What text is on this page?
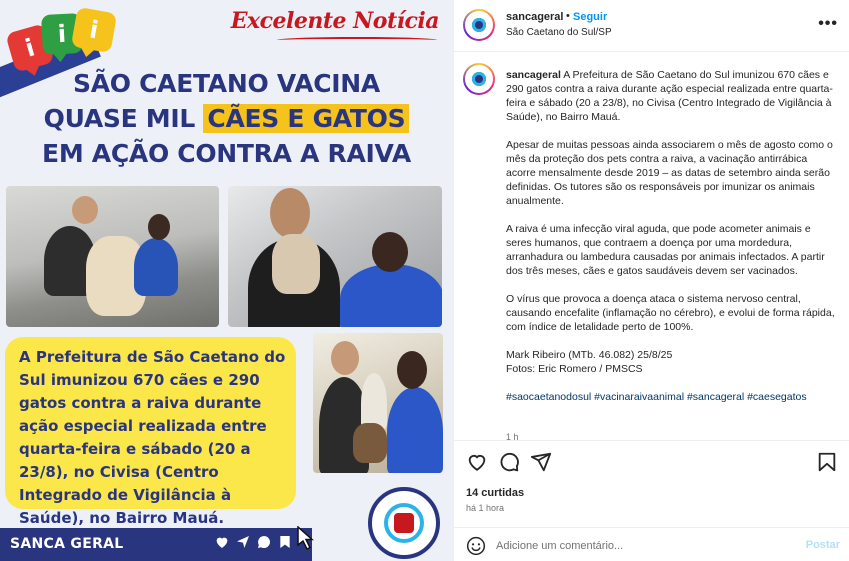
i i i	Excelente Notícia
SÃO CAETANO VACINA
QUASE MIL CÃES E GATOS
EM AÇÃO CONTRA A RAIVA
A Prefeitura de São Caetano do Sul imunizou 670 cães e 290 gatos contra a raiva durante ação especial realizada entre quarta-feira e sábado (20 a 23/8), no Civisa (Centro Integrado de Vigilância à Saúde), no Bairro Mauá.
SANCA GERAL
sancageral • Seguir
São Caetano do Sul/SP
•••

sancageral A Prefeitura de São Caetano do Sul imunizou 670 cães e 290 gatos contra a raiva durante ação especial realizada entre quarta-feira e sábado (20 a 23/8), no Civisa (Centro Integrado de Vigilância à Saúde), no Bairro Mauá.

Apesar de muitas pessoas ainda associarem o mês de agosto como o mês da proteção dos pets contra a raiva, a vacinação antirrábica acorre mensalmente desde 2019 – as datas de setembro ainda serão definidas. Os tutores são os responsáveis por imunizar os animais anualmente.

A raiva é uma infecção viral aguda, que pode acometer animais e seres humanos, que contraem a doença por uma mordedura, arranhadura ou lambedura causadas por animais infectados. A partir dos três meses, cães e gatos saudáveis devem ser vacinados.

O vírus que provoca a doença ataca o sistema nervoso central, causando encefalite (inflamação no cérebro), e evolui de forma rápida, com índice de letalidade perto de 100%.

Mark Ribeiro (MTb. 46.082) 25/8/25
Fotos: Eric Romero / PMSCS

#saocaetanodosul #vacinaraivaanimal #sancageral #caesegatos

1 h
14 curtidas
há 1 hora
Adicione um comentário...
Postar
